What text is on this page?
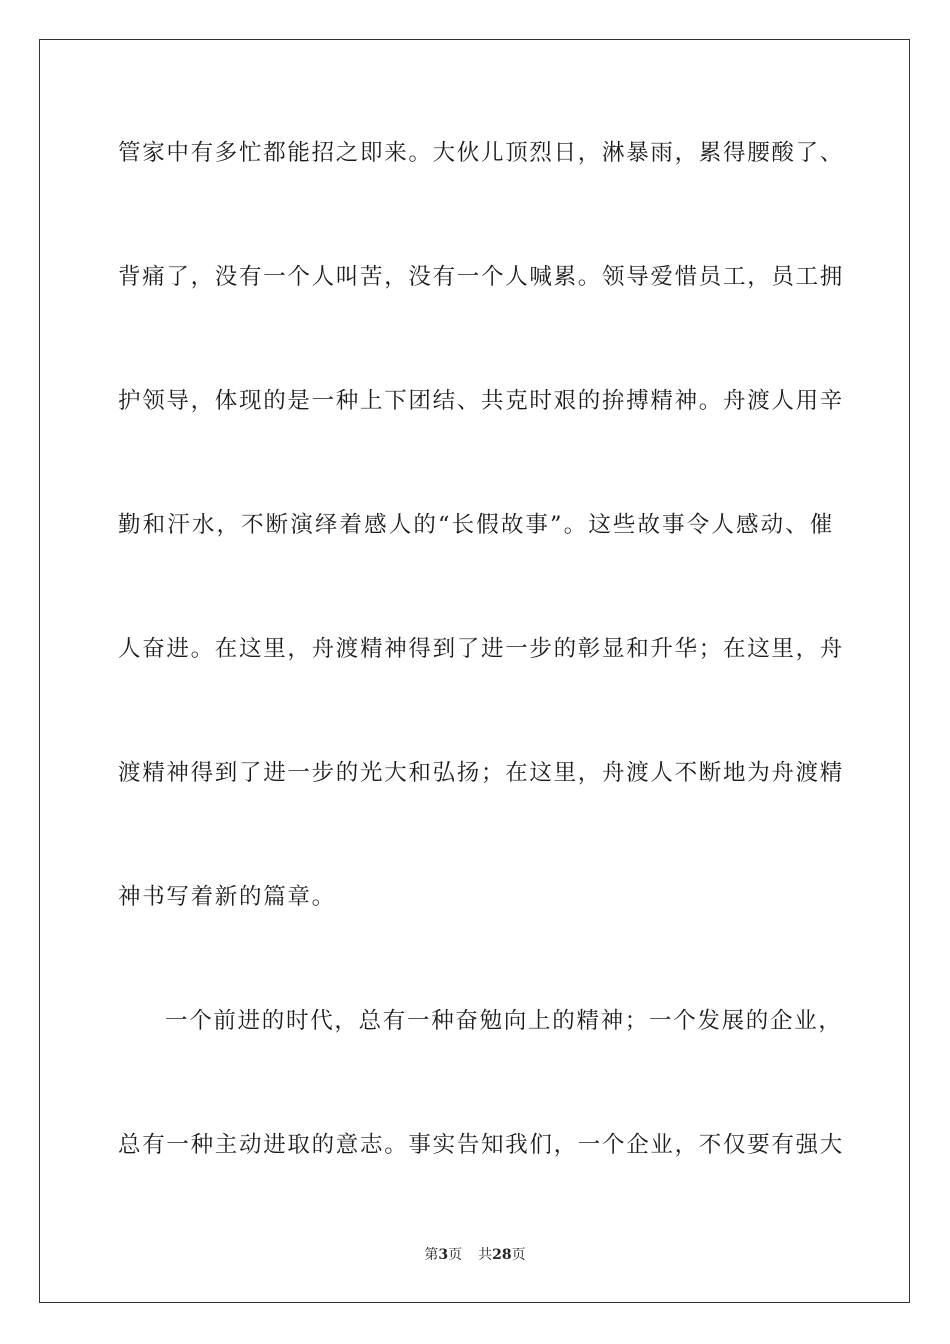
管家中有多忙都能招之即来。大伙儿顶烈日，淋暴雨，累得腰酸了、
背痛了，没有一个人叫苦，没有一个人喊累。领导爱惜员工，员工拥
护领导，体现的是一种上下团结、共克时艰的拚搏精神。舟渡人用辛
勤和汗水，不断演绎着感人的“长假故事”。这些故事令人感动、催
人奋进。在这里，舟渡精神得到了进一步的彰显和升华；在这里，舟
渡精神得到了进一步的光大和弘扬；在这里，舟渡人不断地为舟渡精
神书写着新的篇章。
一个前进的时代，总有一种奋勉向上的精神；一个发展的企业，
总有一种主动进取的意志。事实告知我们，一个企业，不仅要有强大
第3页 共28页
